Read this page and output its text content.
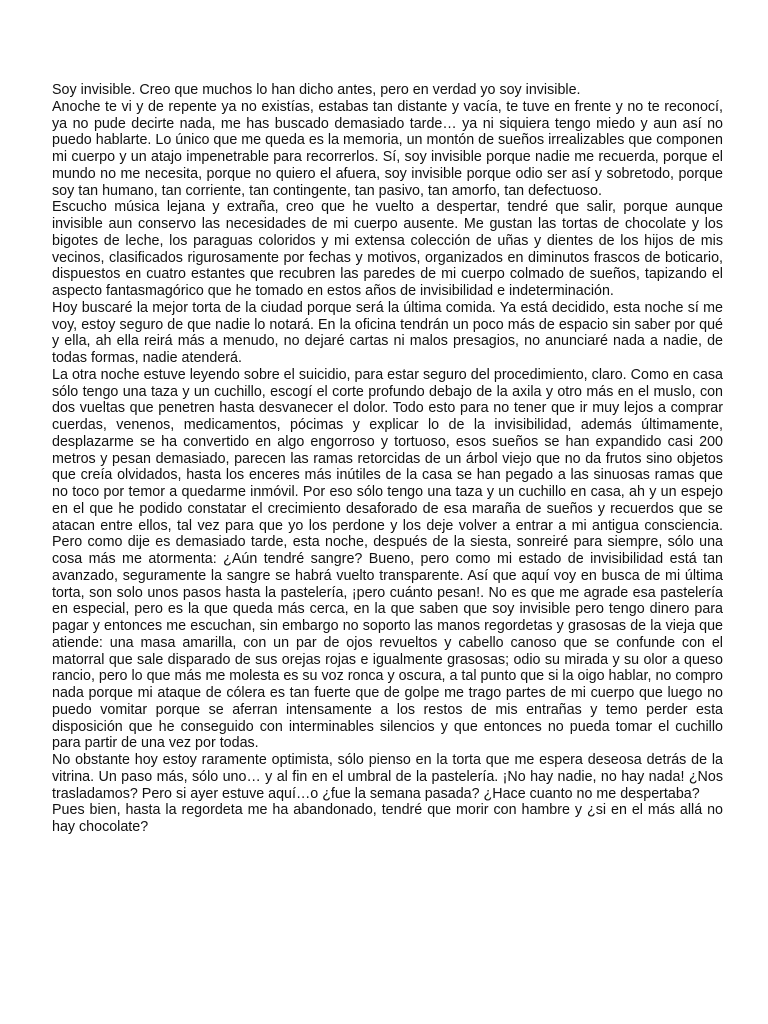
Soy invisible. Creo que muchos lo han dicho antes, pero en verdad yo soy invisible.

Anoche te vi y de repente ya no existías, estabas tan distante y vacía, te tuve en frente y no te reconocí, ya no pude decirte nada, me has buscado demasiado tarde… ya ni siquiera tengo miedo y aun así no puedo hablarte. Lo único que me queda es la memoria, un montón de sueños irrealizables que componen mi cuerpo y un atajo impenetrable para recorrerlos. Sí, soy invisible porque nadie me recuerda, porque el mundo no me necesita, porque no quiero el afuera, soy invisible porque odio ser así y sobretodo, porque soy tan humano, tan corriente, tan contingente, tan pasivo, tan amorfo, tan defectuoso.

Escucho música lejana y extraña, creo que he vuelto a despertar, tendré que salir, porque aunque invisible aun conservo las necesidades de mi cuerpo ausente. Me gustan las tortas de chocolate y los bigotes de leche, los paraguas coloridos y mi extensa colección de uñas y dientes de los hijos de mis vecinos, clasificados rigurosamente por fechas y motivos, organizados en diminutos frascos de boticario, dispuestos en cuatro estantes que recubren las paredes de mi cuerpo colmado de sueños, tapizando el aspecto fantasmagórico que he tomado en estos años de invisibilidad e indeterminación.

Hoy buscaré la mejor torta de la ciudad porque será la última comida. Ya está decidido, esta noche sí me voy, estoy seguro de que nadie lo notará. En la oficina tendrán un poco más de espacio sin saber por qué y ella, ah ella reirá más a menudo, no dejaré cartas ni malos presagios, no anunciaré nada a nadie, de todas formas, nadie atenderá.

La otra noche estuve leyendo sobre el suicidio, para estar seguro del procedimiento, claro. Como en casa sólo tengo una taza y un cuchillo, escogí el corte profundo debajo de la axila y otro más en el muslo, con dos vueltas que penetren hasta desvanecer el dolor. Todo esto para no tener que ir muy lejos a comprar cuerdas, venenos, medicamentos, pócimas y explicar lo de la invisibilidad, además últimamente, desplazarme se ha convertido en algo engorroso y tortuoso, esos sueños se han expandido casi 200 metros y pesan demasiado, parecen las ramas retorcidas de un árbol viejo que no da frutos sino objetos que creía olvidados, hasta los enceres más inútiles de la casa se han pegado a las sinuosas ramas que no toco por temor a quedarme inmóvil. Por eso sólo tengo una taza y un cuchillo en casa, ah y un espejo en el que he podido constatar el crecimiento desaforado de esa maraña de sueños y recuerdos que se atacan entre ellos, tal vez para que yo los perdone y los deje volver a entrar a mi antigua consciencia. Pero como dije es demasiado tarde, esta noche, después de la siesta, sonreiré para siempre, sólo una cosa más me atormenta: ¿Aún tendré sangre? Bueno, pero como mi estado de invisibilidad está tan avanzado, seguramente la sangre se habrá vuelto transparente. Así que aquí voy en busca de mi última torta, son solo unos pasos hasta la pastelería, ¡pero cuánto pesan!. No es que me agrade esa pastelería en especial, pero es la que queda más cerca, en la que saben que soy invisible pero tengo dinero para pagar y entonces me escuchan, sin embargo no soporto las manos regordetas y grasosas de la vieja que atiende: una masa amarilla, con un par de ojos revueltos y cabello canoso que se confunde con el matorral que sale disparado de sus orejas rojas e igualmente grasosas; odio su mirada y su olor a queso rancio, pero lo que más me molesta es su voz ronca y oscura, a tal punto que si la oigo hablar, no compro nada porque mi ataque de cólera es tan fuerte que de golpe me trago partes de mi cuerpo que luego no puedo vomitar porque se aferran intensamente a los restos de mis entrañas y temo perder esta disposición que he conseguido con interminables silencios y que entonces no pueda tomar el cuchillo para partir de una vez por todas.

No obstante hoy estoy raramente optimista, sólo pienso en la torta que me espera deseosa detrás de la vitrina. Un paso más, sólo uno… y al fin en el umbral de la pastelería. ¡No hay nadie, no hay nada! ¿Nos trasladamos? Pero si ayer estuve aquí…o ¿fue la semana pasada? ¿Hace cuanto no me despertaba?

Pues bien, hasta la regordeta me ha abandonado, tendré que morir con hambre y ¿si en el más allá no hay chocolate?
